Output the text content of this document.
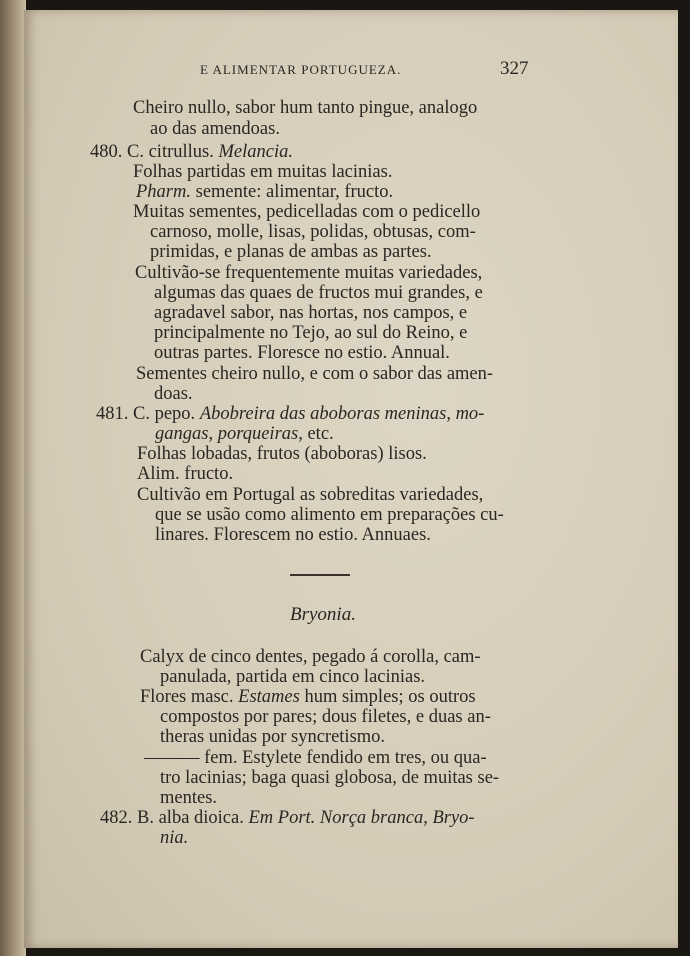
E ALIMENTAR PORTUGUEZA.	327
Cheiro nullo, sabor hum tanto pingue, analogo
ao das amendoas.
480. C. citrullus. Melancia.
Folhas partidas em muitas lacinias.
Pharm. semente: alimentar, fructo.
Muitas sementes, pedicelladas com o pedicello
carnoso, molle, lisas, polidas, obtusas, com-
primidas, e planas de ambas as partes.
Cultivão-se frequentemente muitas variedades,
algumas das quaes de fructos mui grandes, e
agradavel sabor, nas hortas, nos campos, e
principalmente no Tejo, ao sul do Reino, e
outras partes. Floresce no estio. Annual.
Sementes cheiro nullo, e com o sabor das amen-
doas.
481. C. pepo. Abobreira das aboboras meninas, mo-
gangas, porqueiras, etc.
Folhas lobadas, frutos (aboboras) lisos.
Alim. fructo.
Cultivão em Portugal as sobreditas variedades,
que se usão como alimento em preparações cu-
linares. Florescem no estio. Annuaes.
Bryonia.
Calyx de cinco dentes, pegado á corolla, cam-
panulada, partida em cinco lacinias.
Flores masc. Estames hum simples; os outros
compostos por pares; dous filetes, e duas an-
theras unidas por syncretismo.
——— fem. Estylete fendido em tres, ou qua-
tro lacinias; baga quasi globosa, de muitas se-
mentes.
482. B. alba dioica. Em Port. Norça branca, Bryo-
nia.
